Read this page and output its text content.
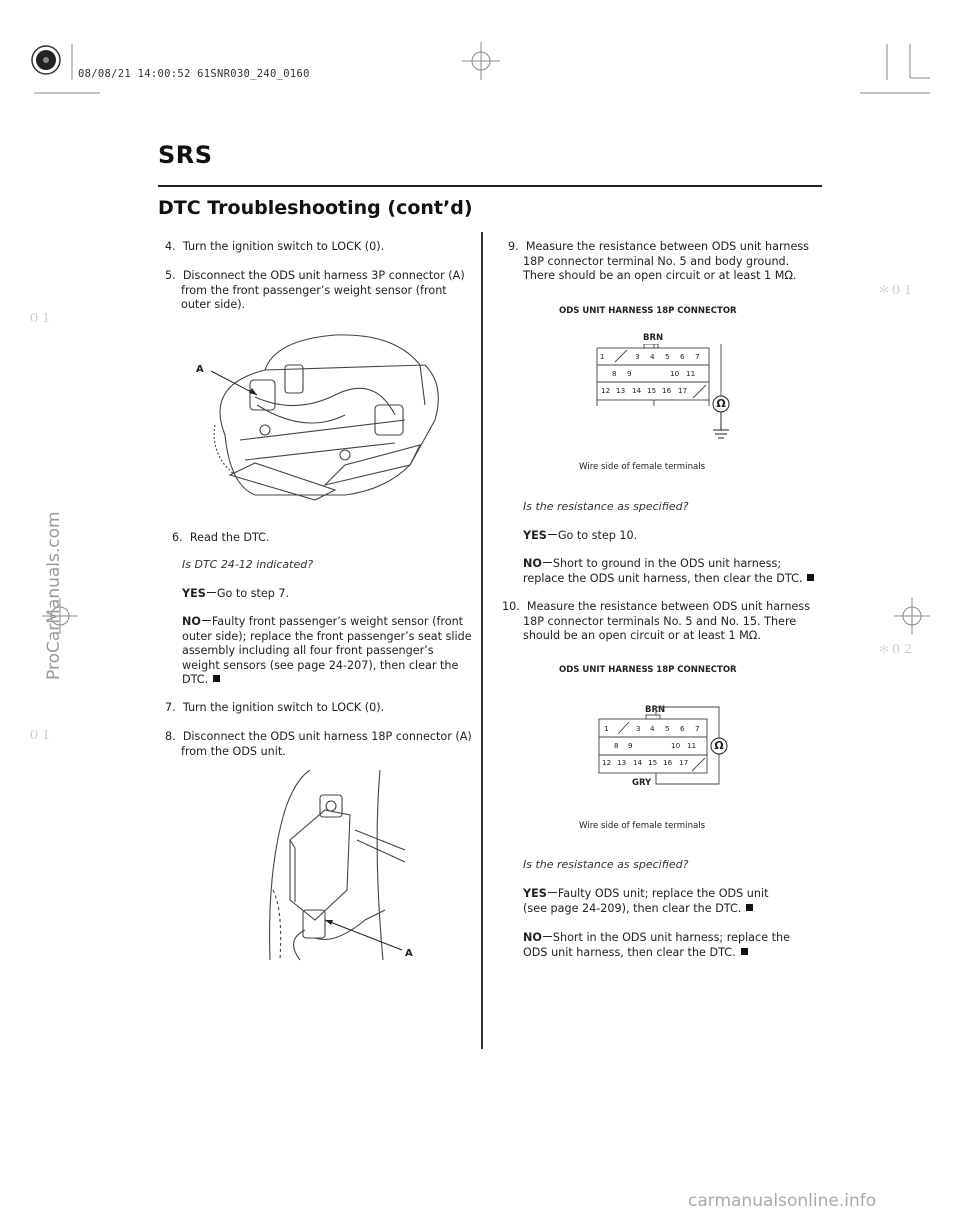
08/08/21 14:00:52 61SNR030_240_0160
SRS
DTC Troubleshooting (cont’d)
０１
０１
＊０１
＊０２
ProCarManuals.com
carmanualsonline.info
4. Turn the ignition switch to LOCK (0).
5. Disconnect the ODS unit harness 3P connector (A)
from the front passenger’s weight sensor (front
outer side).
A
6. Read the DTC.
Is DTC 24-12 indicated?
YES Go to step 7.
NO Faulty front passenger’s weight sensor (front
outer side); replace the front passenger’s seat slide
assembly including all four front passenger’s
weight sensors (see page 24-207), then clear the
DTC.
7. Turn the ignition switch to LOCK (0).
8. Disconnect the ODS unit harness 18P connector (A)
from the ODS unit.
A
9. Measure the resistance between ODS unit harness
18P connector terminal No. 5 and body ground.
There should be an open circuit or at least 1 MΩ.
ODS UNIT HARNESS 18P CONNECTOR
BRN
Ω
1	3 4 5 6 7
8 9	10 11
12 13 14 15 16 17
Wire side of female terminals
Is the resistance as specified?
YES Go to step 10.
NO Short to ground in the ODS unit harness;
replace the ODS unit harness, then clear the DTC.
10. Measure the resistance between ODS unit harness
18P connector terminals No. 5 and No. 15. There
should be an open circuit or at least 1 MΩ.
ODS UNIT HARNESS 18P CONNECTOR
BRN
GRY
Ω
1	3 4 5 6 7
8 9	10 11
12 13 14 15 16 17
Wire side of female terminals
Is the resistance as specified?
YES Faulty ODS unit; replace the ODS unit
(see page 24-209), then clear the DTC.
NO Short in the ODS unit harness; replace the
ODS unit harness, then clear the DTC.
